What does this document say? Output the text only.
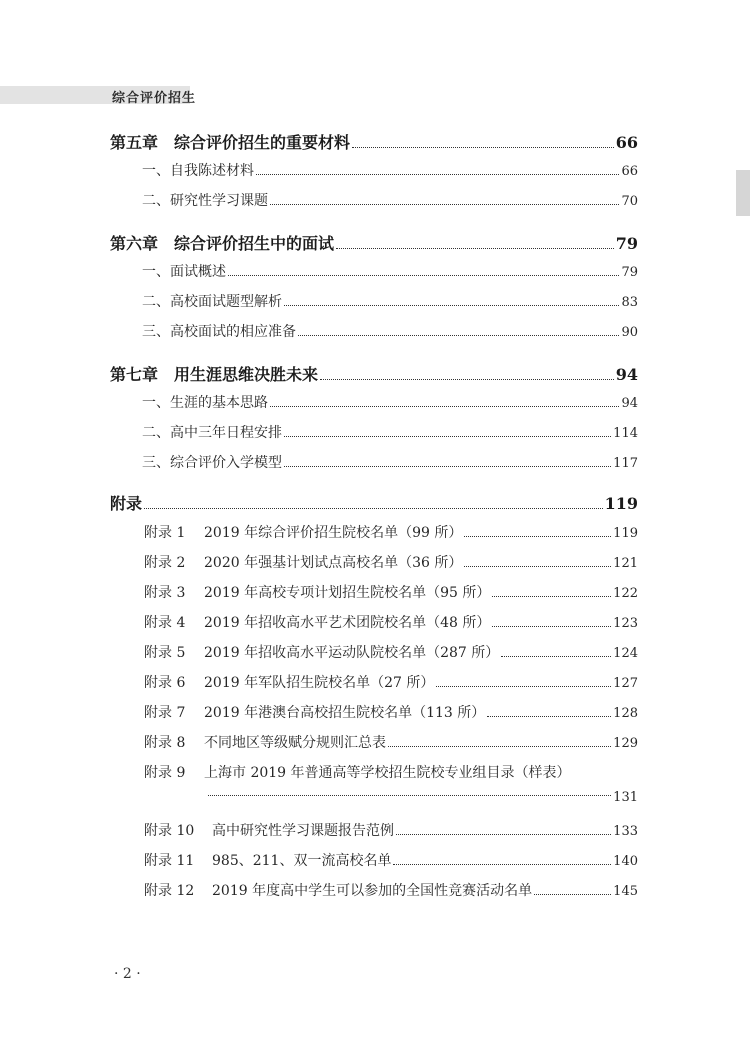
综合评价招生
第五章　综合评价招生的重要材料	66
一、自我陈述材料	66
二、研究性学习课题	70
第六章　综合评价招生中的面试	79
一、面试概述	79
二、高校面试题型解析	83
三、高校面试的相应准备	90
第七章　用生涯思维决胜未来	94
一、生涯的基本思路	94
二、高中三年日程安排	114
三、综合评价入学模型	117
附录	119
附录 1	2019 年综合评价招生院校名单（99 所）	119
附录 2	2020 年强基计划试点高校名单（36 所）	121
附录 3	2019 年高校专项计划招生院校名单（95 所）	122
附录 4	2019 年招收高水平艺术团院校名单（48 所）	123
附录 5	2019 年招收高水平运动队院校名单（287 所）	124
附录 6	2019 年军队招生院校名单（27 所）	127
附录 7	2019 年港澳台高校招生院校名单（113 所）	128
附录 8	不同地区等级赋分规则汇总表	129
附录 9	上海市 2019 年普通高等学校招生院校专业组目录（样表）
131
附录 10	高中研究性学习课题报告范例	133
附录 11	985、211、双一流高校名单	140
附录 12	2019 年度高中学生可以参加的全国性竞赛活动名单	145
· 2 ·
